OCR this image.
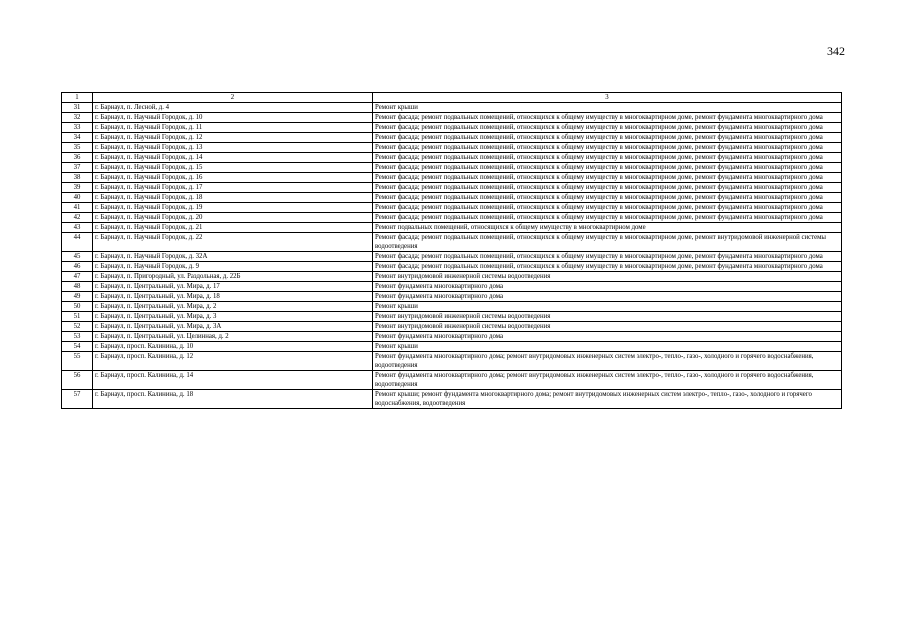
342
1	2	3
31	г. Барнаул, п. Лесной, д. 4	Ремонт крыши
32	г. Барнаул, п. Научный Городок, д. 10	Ремонт фасада; ремонт подвальных помещений, относящихся к общему имуществу в многоквартирном доме, ремонт фундамента многоквартирного дома
33	г. Барнаул, п. Научный Городок, д. 11	Ремонт фасада; ремонт подвальных помещений, относящихся к общему имуществу в многоквартирном доме, ремонт фундамента многоквартирного дома
34	г. Барнаул, п. Научный Городок, д. 12	Ремонт фасада; ремонт подвальных помещений, относящихся к общему имуществу в многоквартирном доме, ремонт фундамента многоквартирного дома
35	г. Барнаул, п. Научный Городок, д. 13	Ремонт фасада; ремонт подвальных помещений, относящихся к общему имуществу в многоквартирном доме, ремонт фундамента многоквартирного дома
36	г. Барнаул, п. Научный Городок, д. 14	Ремонт фасада; ремонт подвальных помещений, относящихся к общему имуществу в многоквартирном доме, ремонт фундамента многоквартирного дома
37	г. Барнаул, п. Научный Городок, д. 15	Ремонт фасада; ремонт подвальных помещений, относящихся к общему имуществу в многоквартирном доме, ремонт фундамента многоквартирного дома
38	г. Барнаул, п. Научный Городок, д. 16	Ремонт фасада; ремонт подвальных помещений, относящихся к общему имуществу в многоквартирном доме, ремонт фундамента многоквартирного дома
39	г. Барнаул, п. Научный Городок, д. 17	Ремонт фасада; ремонт подвальных помещений, относящихся к общему имуществу в многоквартирном доме, ремонт фундамента многоквартирного дома
40	г. Барнаул, п. Научный Городок, д. 18	Ремонт фасада; ремонт подвальных помещений, относящихся к общему имуществу в многоквартирном доме, ремонт фундамента многоквартирного дома
41	г. Барнаул, п. Научный Городок, д. 19	Ремонт фасада; ремонт подвальных помещений, относящихся к общему имуществу в многоквартирном доме, ремонт фундамента многоквартирного дома
42	г. Барнаул, п. Научный Городок, д. 20	Ремонт фасада; ремонт подвальных помещений, относящихся к общему имуществу в многоквартирном доме, ремонт фундамента многоквартирного дома
43	г. Барнаул, п. Научный Городок, д. 21	Ремонт подвальных помещений, относящихся к общему имуществу в многоквартирном доме
44	г. Барнаул, п. Научный Городок, д. 22	Ремонт фасада; ремонт подвальных помещений, относящихся к общему имуществу в многоквартирном доме, ремонт внутридомовой инженерной системы водоотведения
45	г. Барнаул, п. Научный Городок, д. 32А	Ремонт фасада; ремонт подвальных помещений, относящихся к общему имуществу в многоквартирном доме, ремонт фундамента многоквартирного дома
46	г. Барнаул, п. Научный Городок, д. 9	Ремонт фасада; ремонт подвальных помещений, относящихся к общему имуществу в многоквартирном доме, ремонт фундамента многоквартирного дома
47	г. Барнаул, п. Пригородный, ул. Раздольная, д. 22Б	Ремонт внутридомовой инженерной системы водоотведения
48	г. Барнаул, п. Центральный, ул. Мира, д. 17	Ремонт фундамента многоквартирного дома
49	г. Барнаул, п. Центральный, ул. Мира, д. 18	Ремонт фундамента многоквартирного дома
50	г. Барнаул, п. Центральный, ул. Мира, д. 2	Ремонт крыши
51	г. Барнаул, п. Центральный, ул. Мира, д. 3	Ремонт внутридомовой инженерной системы водоотведения
52	г. Барнаул, п. Центральный, ул. Мира, д. 3А	Ремонт внутридомовой инженерной системы водоотведения
53	г. Барнаул, п. Центральный, ул. Целинная, д. 2	Ремонт фундамента многоквартирного дома
54	г. Барнаул, просп. Калинина, д. 10	Ремонт крыши
55	г. Барнаул, просп. Калинина, д. 12	Ремонт фундамента многоквартирного дома; ремонт внутридомовых инженерных систем электро-, тепло-, газо-, холодного и горячего водоснабжения, водоотведения
56	г. Барнаул, просп. Калинина, д. 14	Ремонт фундамента многоквартирного дома; ремонт внутридомовых инженерных систем электро-, тепло-, газо-, холодного и горячего водоснабжения, водоотведения
57	г. Барнаул, просп. Калинина, д. 18	Ремонт крыши; ремонт фундамента многоквартирного дома; ремонт внутридомовых инженерных систем электро-, тепло-, газо-, холодного и горячего водоснабжения, водоотведения
